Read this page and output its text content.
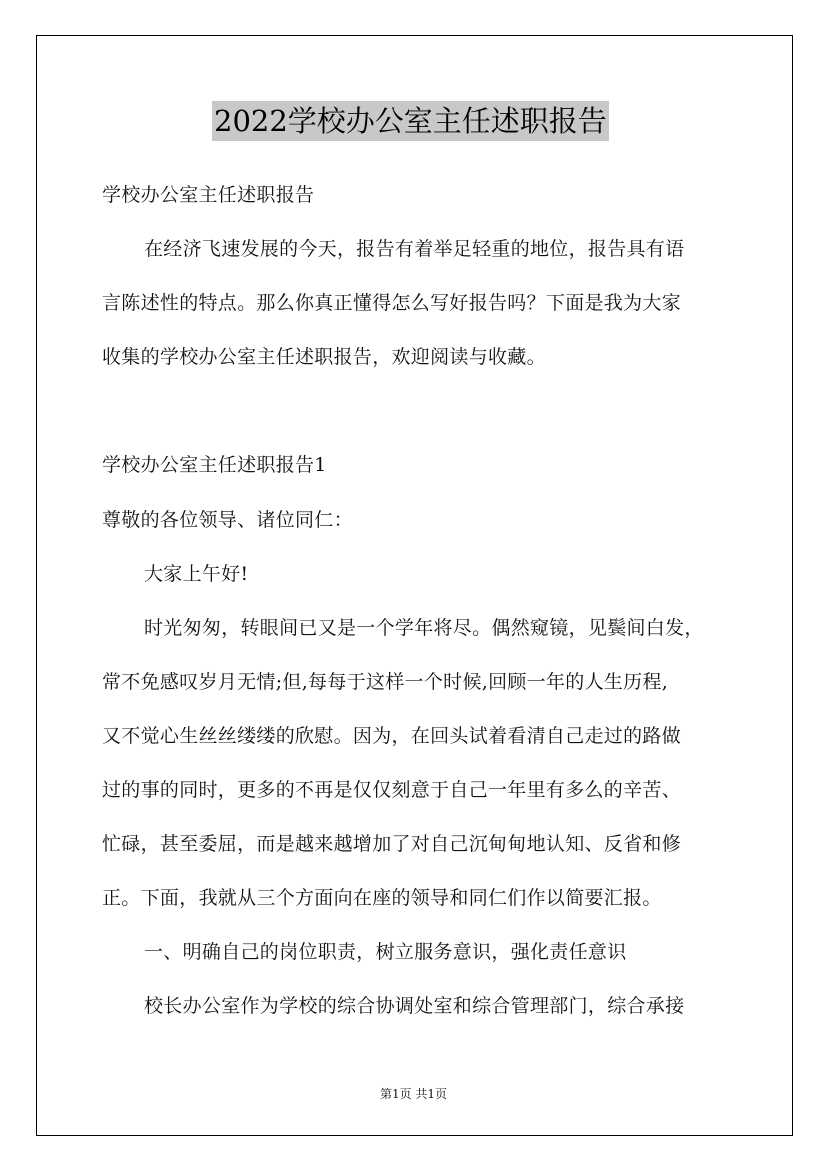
2022学校办公室主任述职报告
学校办公室主任述职报告
在经济飞速发展的今天，报告有着举足轻重的地位，报告具有语
言陈述性的特点。那么你真正懂得怎么写好报告吗？下面是我为大家
收集的学校办公室主任述职报告，欢迎阅读与收藏。
学校办公室主任述职报告1
尊敬的各位领导、诸位同仁：
大家上午好!
时光匆匆，转眼间已又是一个学年将尽。偶然窥镜，见鬓间白发，
常不免感叹岁月无情;但,每每于这样一个时候,回顾一年的人生历程,
又不觉心生丝丝缕缕的欣慰。因为，在回头试着看清自己走过的路做
过的事的同时，更多的不再是仅仅刻意于自己一年里有多么的辛苦、
忙碌，甚至委屈，而是越来越增加了对自己沉甸甸地认知、反省和修
正。下面，我就从三个方面向在座的领导和同仁们作以简要汇报。
一、明确自己的岗位职责，树立服务意识，强化责任意识
校长办公室作为学校的综合协调处室和综合管理部门，综合承接
第1页 共1页
